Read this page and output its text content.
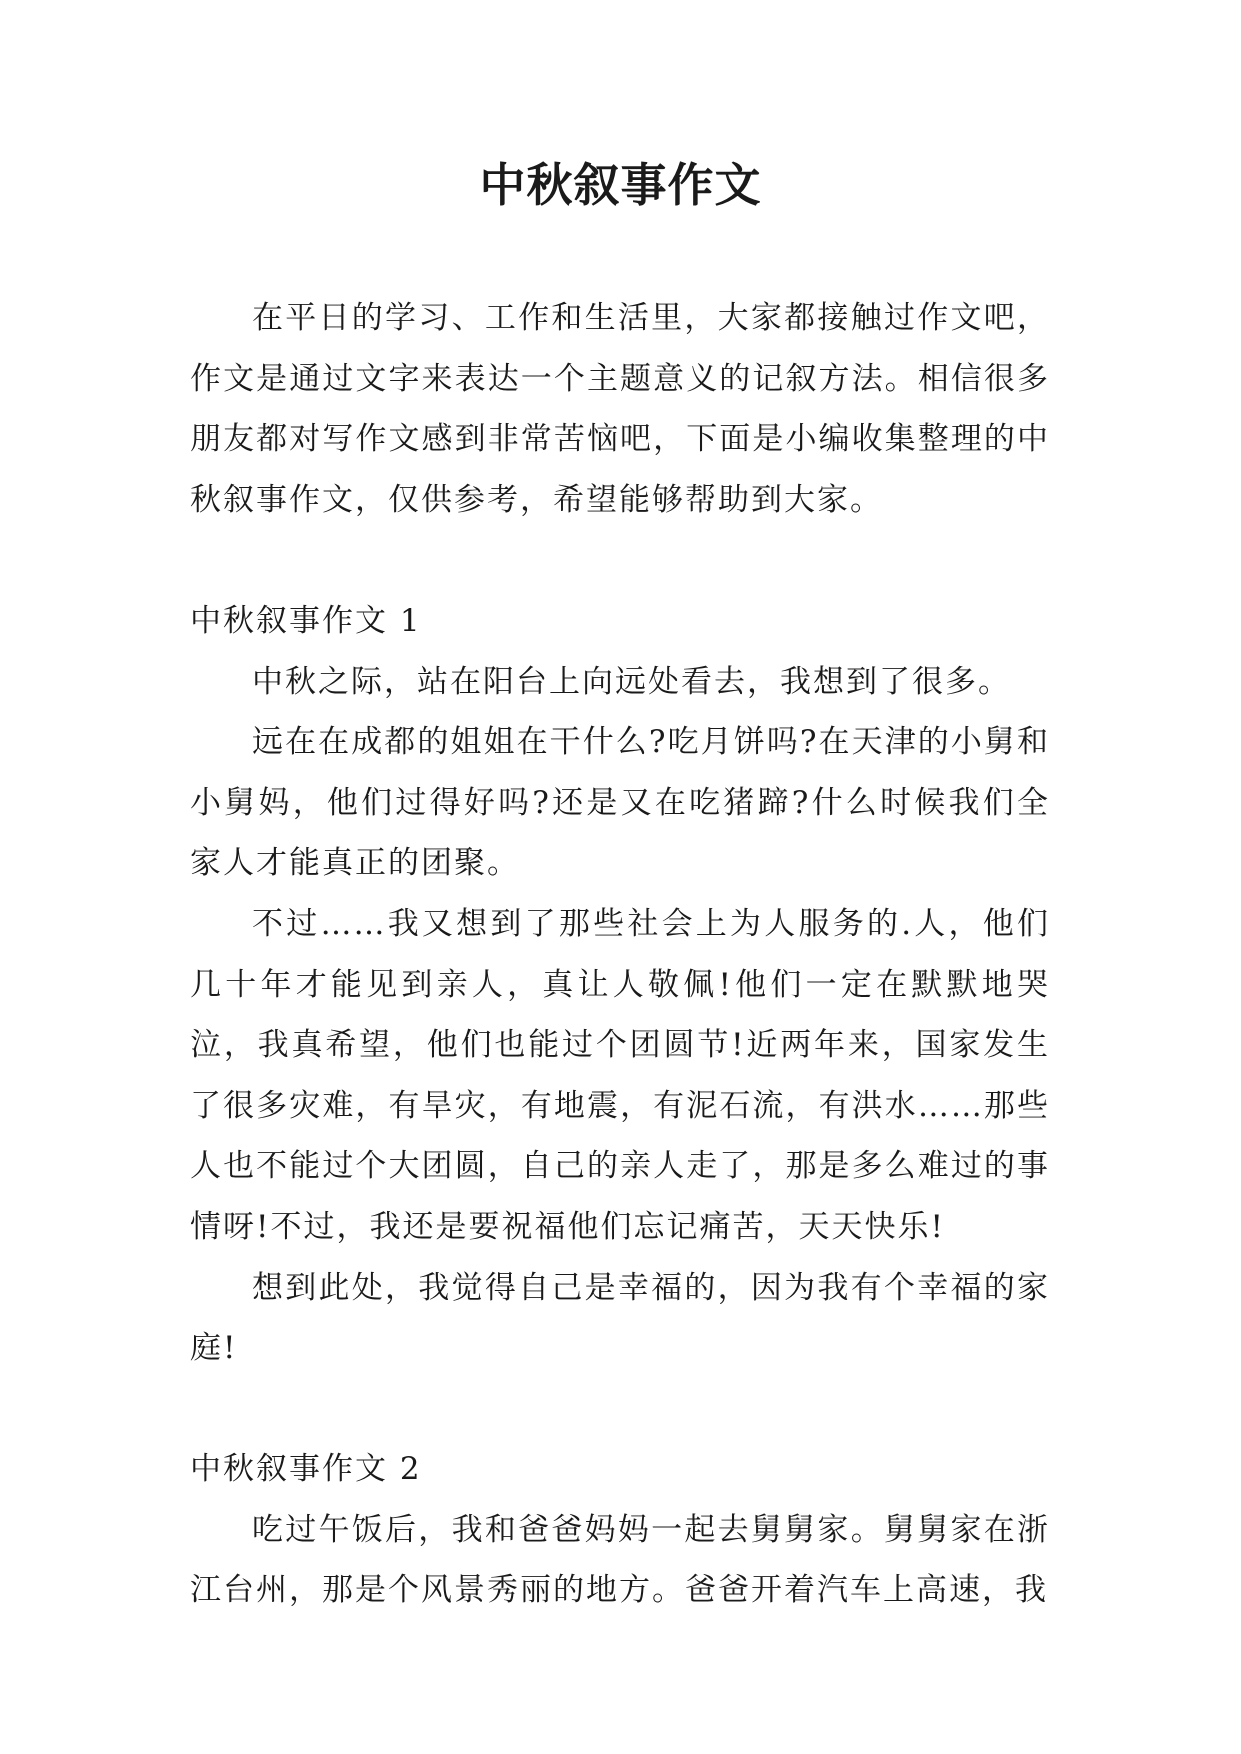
中秋叙事作文

在平日的学习、工作和生活里，大家都接触过作文吧，作文是通过文字来表达一个主题意义的记叙方法。相信很多朋友都对写作文感到非常苦恼吧，下面是小编收集整理的中秋叙事作文，仅供参考，希望能够帮助到大家。

中秋叙事作文 1

中秋之际，站在阳台上向远处看去，我想到了很多。

远在在成都的姐姐在干什么?吃月饼吗?在天津的小舅和小舅妈，他们过得好吗?还是又在吃猪蹄?什么时候我们全家人才能真正的团聚。

不过……我又想到了那些社会上为人服务的.人，他们几十年才能见到亲人，真让人敬佩!他们一定在默默地哭泣，我真希望，他们也能过个团圆节!近两年来，国家发生了很多灾难，有旱灾，有地震，有泥石流，有洪水……那些人也不能过个大团圆，自己的亲人走了，那是多么难过的事情呀!不过，我还是要祝福他们忘记痛苦，天天快乐!

想到此处，我觉得自己是幸福的，因为我有个幸福的家庭!

中秋叙事作文 2

吃过午饭后，我和爸爸妈妈一起去舅舅家。舅舅家在浙江台州，那是个风景秀丽的地方。爸爸开着汽车上高速，我
